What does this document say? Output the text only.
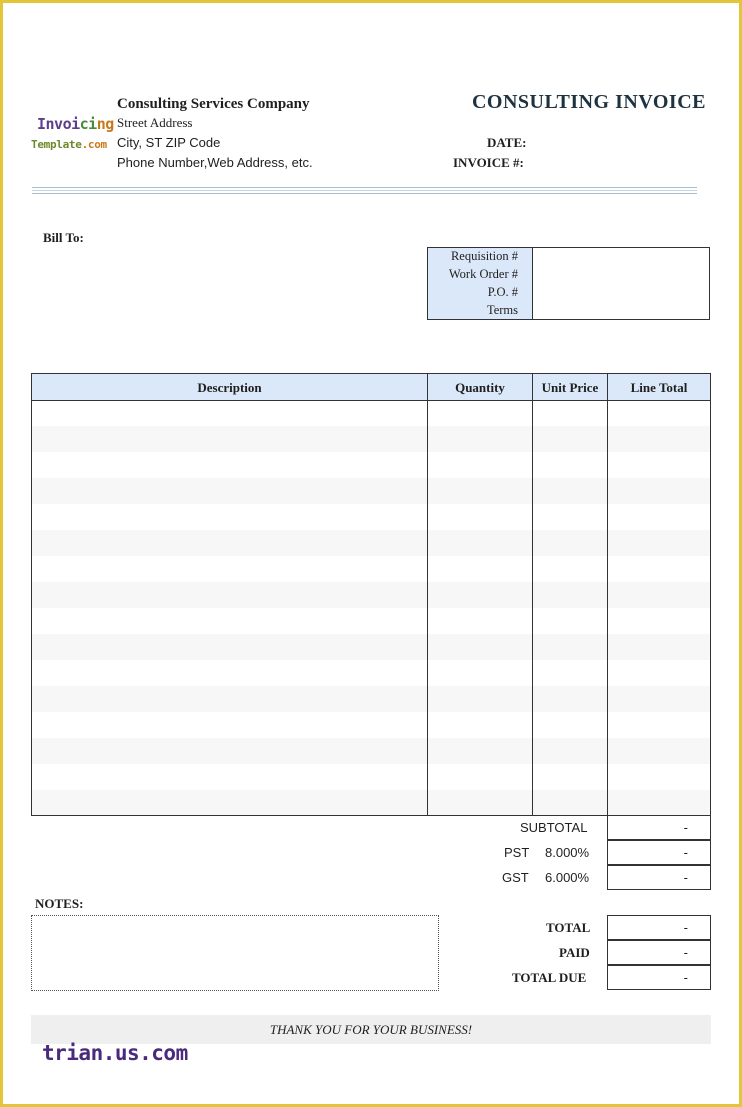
Invoicing
Template.com
Consulting Services Company
Street Address
City, ST ZIP Code
Phone Number,Web Address, etc.
CONSULTING INVOICE
DATE:
INVOICE #:
Bill To:
Requisition #
Work Order #
P.O. #
Terms
Description	Quantity	Unit Price	Line Total
SUBTOTAL	-
PST 8.000%	-
GST 6.000%	-
TOTAL	-
PAID	-
TOTAL DUE	-
NOTES:
THANK YOU FOR YOUR BUSINESS!
trian.us.com
